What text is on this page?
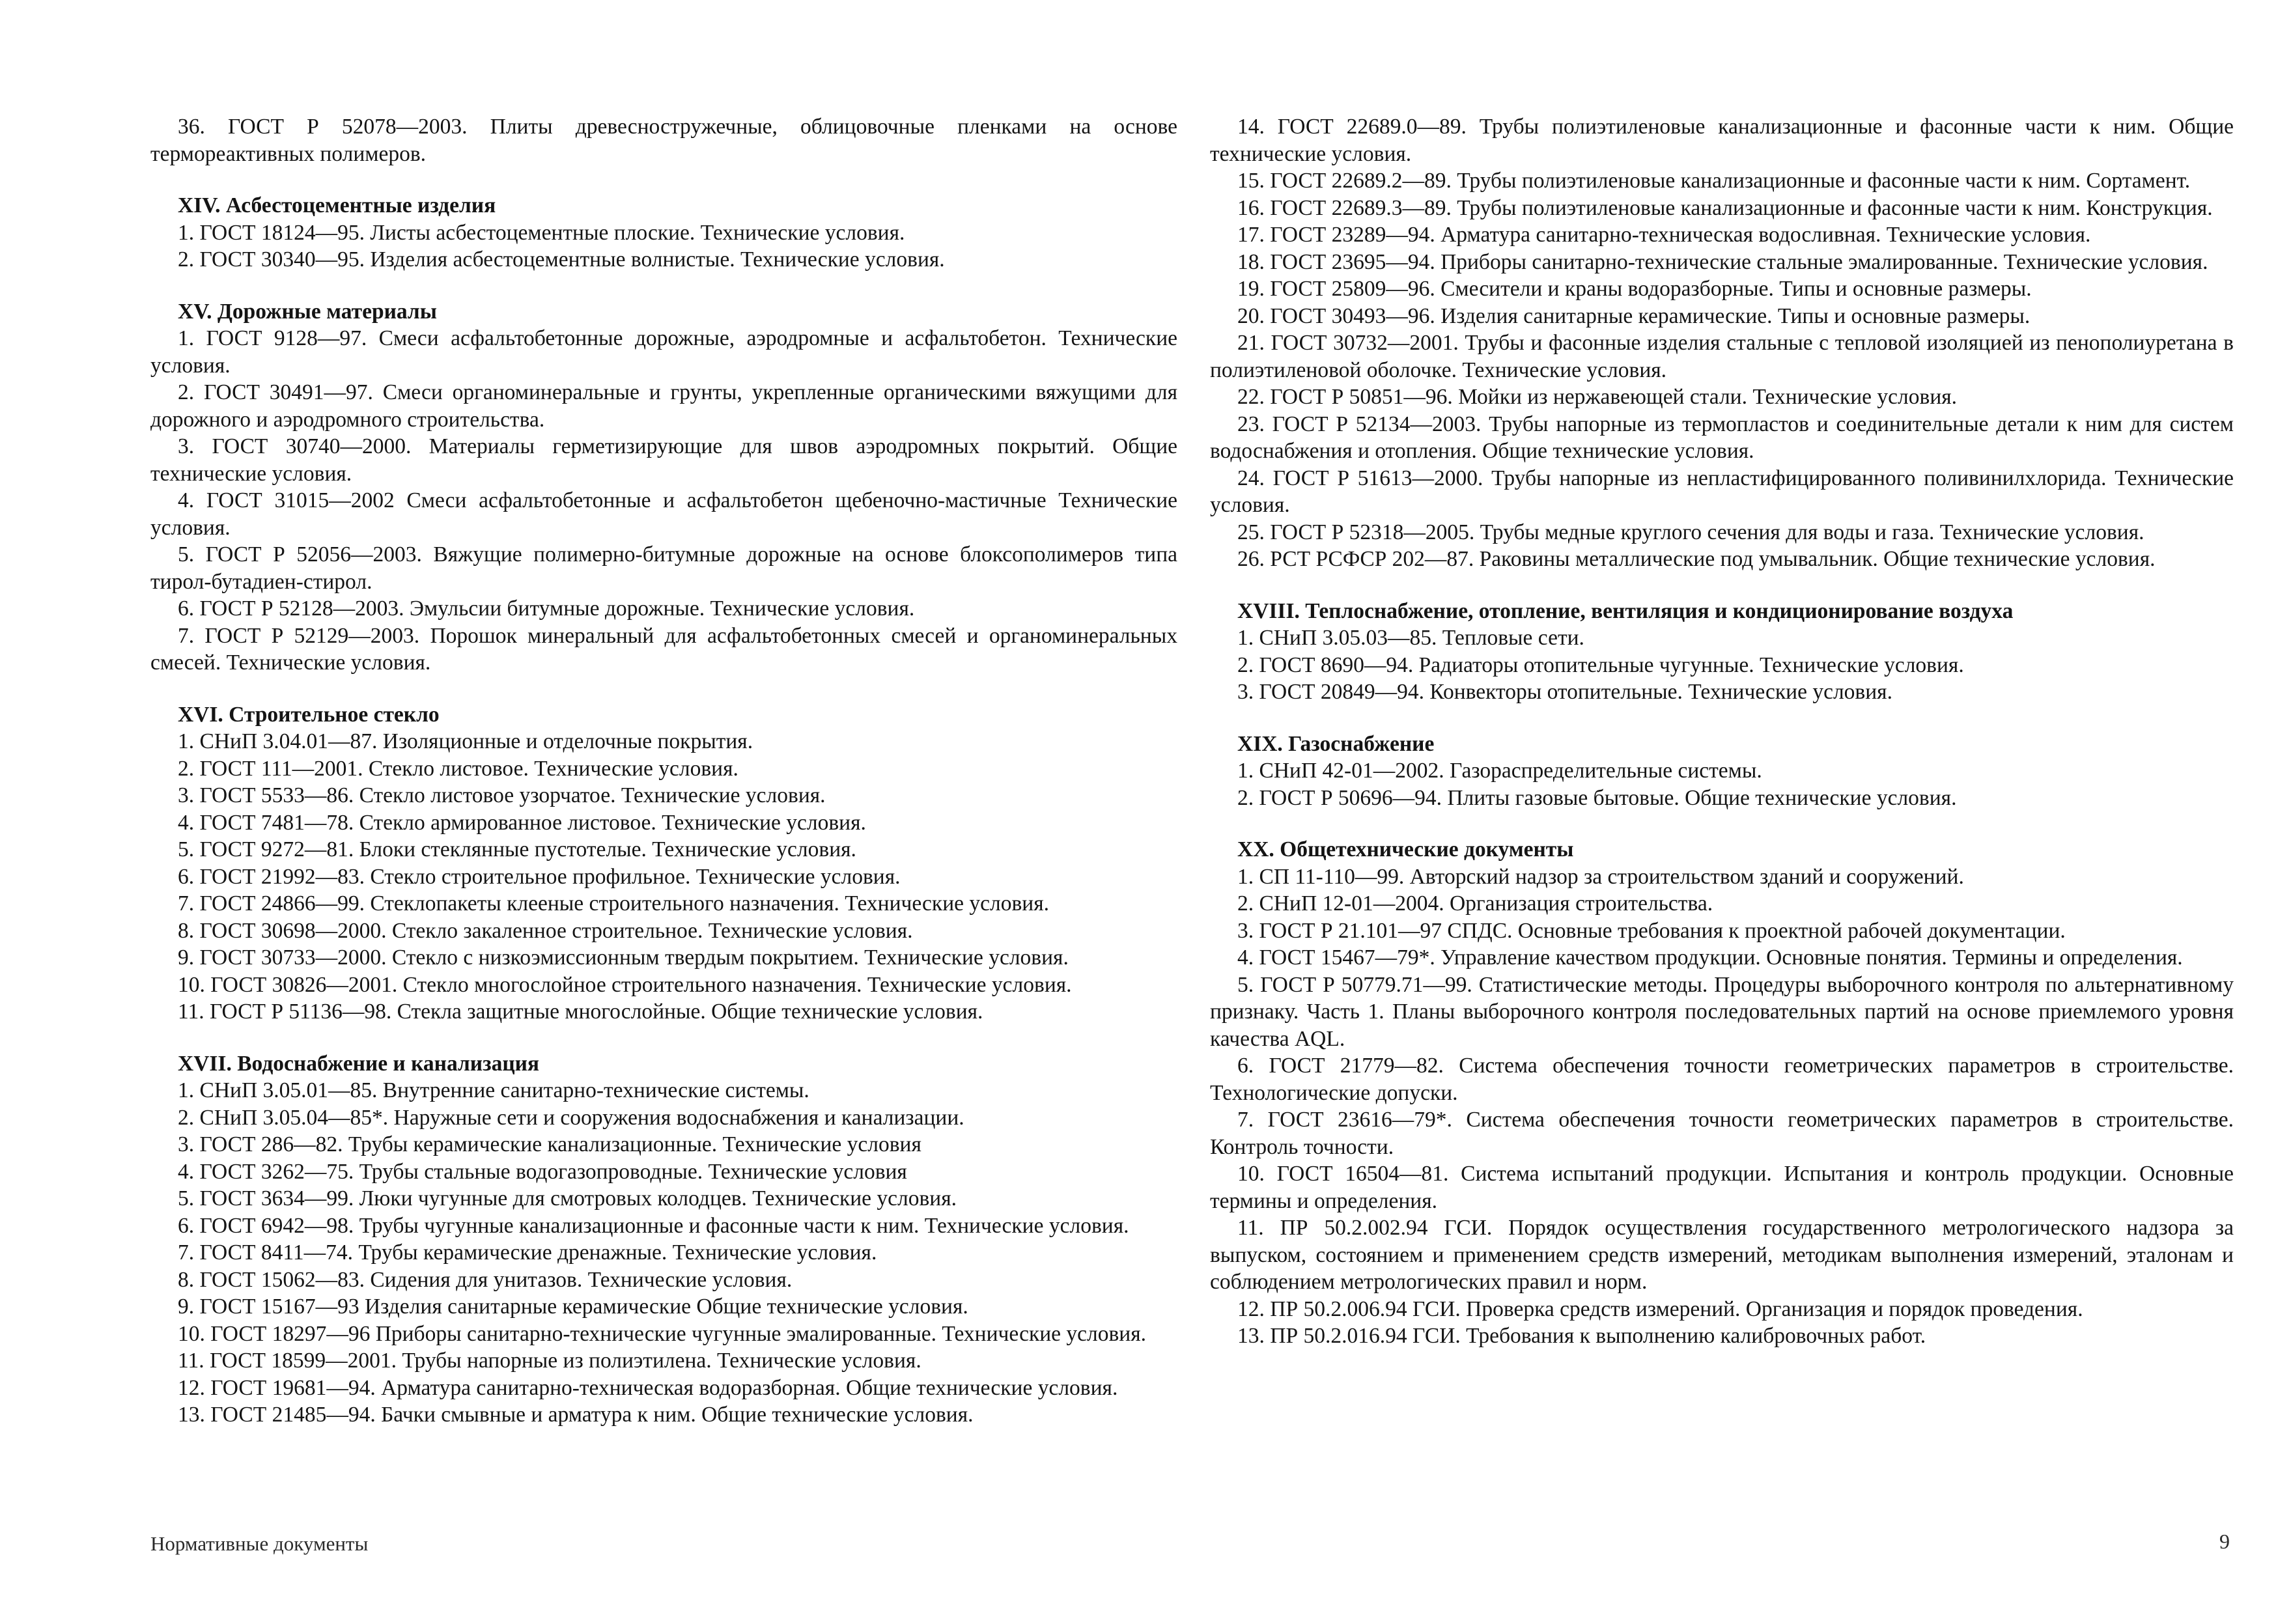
36. ГОСТ Р 52078—2003. Плиты древесностружечные, облицовочные пленками на основе термореактивных полимеров.

XIV. Асбестоцементные изделия

1. ГОСТ 18124—95. Листы асбестоцементные плоские. Технические условия.

2. ГОСТ 30340—95. Изделия асбестоцементные волнистые. Технические условия.

XV. Дорожные материалы

1. ГОСТ 9128—97. Смеси асфальтобетонные дорожные, аэродромные и асфальтобетон. Технические условия.

2. ГОСТ 30491—97. Смеси органоминеральные и грунты, укрепленные органическими вяжущими для дорожного и аэродромного строительства.

3. ГОСТ 30740—2000. Материалы герметизирующие для швов аэродромных покрытий. Общие технические условия.

4. ГОСТ 31015—2002 Смеси асфальтобетонные и асфальтобетон щебеночно-мастичные Технические условия.

5. ГОСТ Р 52056—2003. Вяжущие полимерно-битумные дорожные на основе блоксополимеров типа тирол-бутадиен-стирол.

6. ГОСТ Р 52128—2003. Эмульсии битумные дорожные. Технические условия.

7. ГОСТ Р 52129—2003. Порошок минеральный для асфальтобетонных смесей и органоминеральных смесей. Технические условия.

XVI. Строительное стекло

1. СНиП 3.04.01—87. Изоляционные и отделочные покрытия.

2. ГОСТ 111—2001. Стекло листовое. Технические условия.

3. ГОСТ 5533—86. Стекло листовое узорчатое. Технические условия.

4. ГОСТ 7481—78. Стекло армированное листовое. Технические условия.

5. ГОСТ 9272—81. Блоки стеклянные пустотелые. Технические условия.

6. ГОСТ 21992—83. Стекло строительное профильное. Технические условия.

7. ГОСТ 24866—99. Стеклопакеты клееные строительного назначения. Технические условия.

8. ГОСТ 30698—2000. Стекло закаленное строительное. Технические условия.

9. ГОСТ 30733—2000. Стекло с низкоэмиссионным твердым покрытием. Технические условия.

10. ГОСТ 30826—2001. Стекло многослойное строительного назначения. Технические условия.

11. ГОСТ Р 51136—98. Стекла защитные многослойные. Общие технические условия.

XVII. Водоснабжение и канализация

1. СНиП 3.05.01—85. Внутренние санитарно-технические системы.

2. СНиП 3.05.04—85*. Наружные сети и сооружения водоснабжения и канализации.

3. ГОСТ 286—82. Трубы керамические канализационные. Технические условия

4. ГОСТ 3262—75. Трубы стальные водогазопроводные. Технические условия

5. ГОСТ 3634—99. Люки чугунные для смотровых колодцев. Технические условия.

6. ГОСТ 6942—98. Трубы чугунные канализационные и фасонные части к ним. Технические условия.

7. ГОСТ 8411—74. Трубы керамические дренажные. Технические условия.

8. ГОСТ 15062—83. Сидения для унитазов. Технические условия.

9. ГОСТ 15167—93 Изделия санитарные керамические Общие технические условия.

10. ГОСТ 18297—96 Приборы санитарно-технические чугунные эмалированные. Технические условия.

11. ГОСТ 18599—2001. Трубы напорные из полиэтилена. Технические условия.

12. ГОСТ 19681—94. Арматура санитарно-техническая водоразборная. Общие технические условия.

13. ГОСТ 21485—94. Бачки смывные и арматура к ним. Общие технические условия.

14. ГОСТ 22689.0—89. Трубы полиэтиленовые канализационные и фасонные части к ним. Общие технические условия.

15. ГОСТ 22689.2—89. Трубы полиэтиленовые канализационные и фасонные части к ним. Сортамент.

16. ГОСТ 22689.3—89. Трубы полиэтиленовые канализационные и фасонные части к ним. Конструкция.

17. ГОСТ 23289—94. Арматура санитарно-техническая водосливная. Технические условия.

18. ГОСТ 23695—94. Приборы санитарно-технические стальные эмалированные. Технические условия.

19. ГОСТ 25809—96. Смесители и краны водоразборные. Типы и основные размеры.

20. ГОСТ 30493—96. Изделия санитарные керамические. Типы и основные размеры.

21. ГОСТ 30732—2001. Трубы и фасонные изделия стальные с тепловой изоляцией из пенополиуретана в полиэтиленовой оболочке. Технические условия.

22. ГОСТ Р 50851—96. Мойки из нержавеющей стали. Технические условия.

23. ГОСТ Р 52134—2003. Трубы напорные из термопластов и соединительные детали к ним для систем водоснабжения и отопления. Общие технические условия.

24. ГОСТ Р 51613—2000. Трубы напорные из непластифицированного поливинилхлорида. Технические условия.

25. ГОСТ Р 52318—2005. Трубы медные круглого сечения для воды и газа. Технические условия.

26. РСТ РСФСР 202—87. Раковины металлические под умывальник. Общие технические условия.

XVIII. Теплоснабжение, отопление, вентиляция и кондиционирование воздуха

1. СНиП 3.05.03—85. Тепловые сети.

2. ГОСТ 8690—94. Радиаторы отопительные чугунные. Технические условия.

3. ГОСТ 20849—94. Конвекторы отопительные. Технические условия.

XIX. Газоснабжение

1. СНиП 42-01—2002. Газораспределительные системы.

2. ГОСТ Р 50696—94. Плиты газовые бытовые. Общие технические условия.

XX. Общетехнические документы

1. СП 11-110—99. Авторский надзор за строительством зданий и сооружений.

2. СНиП 12-01—2004. Организация строительства.

3. ГОСТ Р 21.101—97 СПДС. Основные требования к проектной рабочей документации.

4. ГОСТ 15467—79*. Управление качеством продукции. Основные понятия. Термины и определения.

5. ГОСТ Р 50779.71—99. Статистические методы. Процедуры выборочного контроля по альтернативному признаку. Часть 1. Планы выборочного контроля последовательных партий на основе приемлемого уровня качества AQL.

6. ГОСТ 21779—82. Система обеспечения точности геометрических параметров в строительстве. Технологические допуски.

7. ГОСТ 23616—79*. Система обеспечения точности геометрических параметров в строительстве. Контроль точности.

10. ГОСТ 16504—81. Система испытаний продукции. Испытания и контроль продукции. Основные термины и определения.

11. ПР 50.2.002.94 ГСИ. Порядок осуществления государственного метрологического надзора за выпуском, состоянием и применением средств измерений, методикам выполнения измерений, эталонам и соблюдением метрологических правил и норм.

12. ПР 50.2.006.94 ГСИ. Проверка средств измерений. Организация и порядок проведения.

13. ПР 50.2.016.94 ГСИ. Требования к выполнению калибровочных работ.

Нормативные документы	9
